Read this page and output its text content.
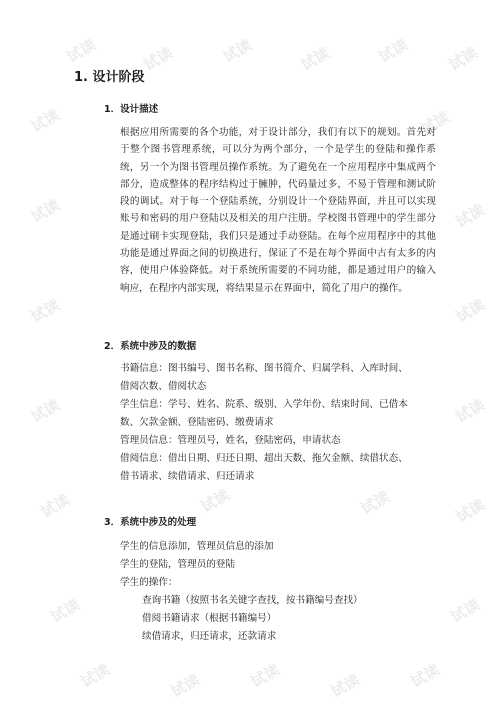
试读	试读	试读	试读	试读 试读
试读	试读
试读	试读
试读	试读
试读	试读
试读	试读	试读	试读
试读	试读
试读	试读	试读	试读	试读
1. 设计阶段
1．设计描述

根据应用所需要的各个功能，对于设计部分，我们有以下的规划。首先对于整个图书管理系统，可以分为两个部分，一个是学生的登陆和操作系统，另一个为图书管理员操作系统。为了避免在一个应用程序中集成两个部分，造成整体的程序结构过于臃肿，代码量过多，不易于管理和测试阶段的调试。对于每一个登陆系统，分别设计一个登陆界面，并且可以实现账号和密码的用户登陆以及相关的用户注册。学校图书管理中的学生部分是通过刷卡实现登陆，我们只是通过手动登陆。在每个应用程序中的其他功能是通过界面之间的切换进行，保证了不是在每个界面中古有太多的内容，使用户体验降低。对于系统所需要的不同功能，都是通过用户的输入响应，在程序内部实现，将结果显示在界面中，简化了用户的操作。

2．系统中涉及的数据

书籍信息：图书编号、图书名称、图书简介、归属学科、入库时间、

借阅次数、借阅状态

学生信息：学号、姓名、院系、级别、入学年份、结束时间、已借本

数、欠款金额、登陆密码、缴费请求

管理员信息：管理员号，姓名，登陆密码，申请状态

借阅信息：借出日期、归还日期、超出天数、拖欠金额、续借状态、

借书请求、续借请求、归还请求

3．系统中涉及的处理

学生的信息添加，管理员信息的添加

学生的登陆，管理员的登陆

学生的操作：

查询书籍（按照书名关键字查找，按书籍编号查找）

借阅书籍请求（根据书籍编号）

续借请求，归还请求，还款请求
